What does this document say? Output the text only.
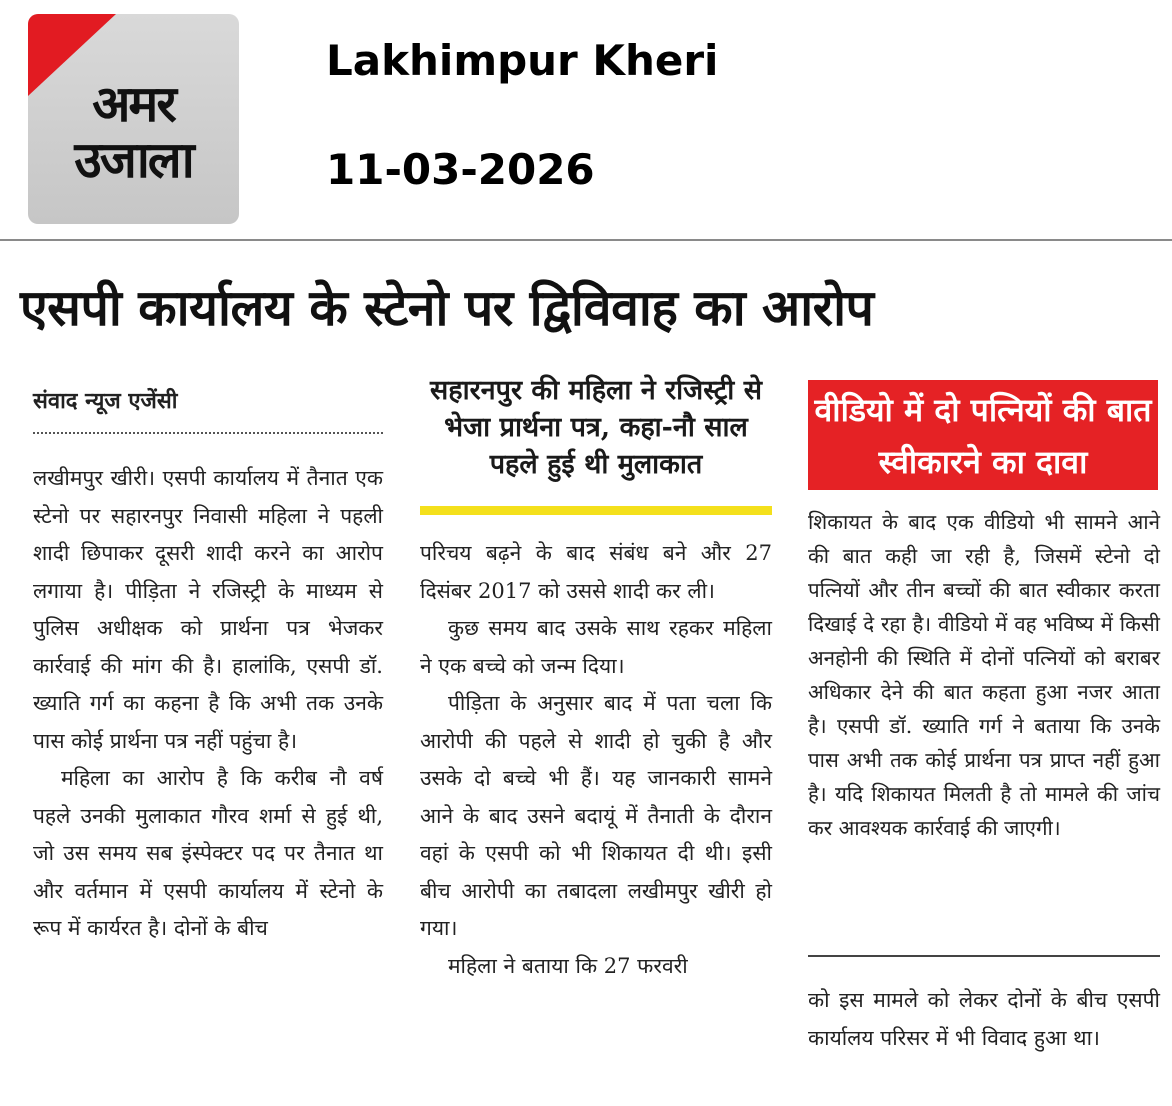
अमर
उजाला
Lakhimpur Kheri
11-03-2026
एसपी कार्यालय के स्टेनो पर द्विविवाह का आरोप
संवाद न्यूज एजेंसी

लखीमपुर खीरी। एसपी कार्यालय में तैनात एक स्टेनो पर सहारनपुर निवासी महिला ने पहली शादी छिपाकर दूसरी शादी करने का आरोप लगाया है। पीड़िता ने रजिस्ट्री के माध्यम से पुलिस अधीक्षक को प्रार्थना पत्र भेजकर कार्रवाई की मांग की है। हालांकि, एसपी डॉ. ख्याति गर्ग का कहना है कि अभी तक उनके पास कोई प्रार्थना पत्र नहीं पहुंचा है।

महिला का आरोप है कि करीब नौ वर्ष पहले उनकी मुलाकात गौरव शर्मा से हुई थी, जो उस समय सब इंस्पेक्टर पद पर तैनात था और वर्तमान में एसपी कार्यालय में स्टेनो के रूप में कार्यरत है। दोनों के बीच

सहारनपुर की महिला ने रजिस्ट्री से भेजा प्रार्थना पत्र, कहा-नौ साल पहले हुई थी मुलाकात

परिचय बढ़ने के बाद संबंध बने और 27 दिसंबर 2017 को उससे शादी कर ली।

कुछ समय बाद उसके साथ रहकर महिला ने एक बच्चे को जन्म दिया।

पीड़िता के अनुसार बाद में पता चला कि आरोपी की पहले से शादी हो चुकी है और उसके दो बच्चे भी हैं। यह जानकारी सामने आने के बाद उसने बदायूं में तैनाती के दौरान वहां के एसपी को भी शिकायत दी थी। इसी बीच आरोपी का तबादला लखीमपुर खीरी हो गया।

महिला ने बताया कि 27 फरवरी

वीडियो में दो पत्नियों की बात स्वीकारने का दावा

शिकायत के बाद एक वीडियो भी सामने आने की बात कही जा रही है, जिसमें स्टेनो दो पत्नियों और तीन बच्चों की बात स्वीकार करता दिखाई दे रहा है। वीडियो में वह भविष्य में किसी अनहोनी की स्थिति में दोनों पत्नियों को बराबर अधिकार देने की बात कहता हुआ नजर आता है। एसपी डॉ. ख्याति गर्ग ने बताया कि उनके पास अभी तक कोई प्रार्थना पत्र प्राप्त नहीं हुआ है। यदि शिकायत मिलती है तो मामले की जांच कर आवश्यक कार्रवाई की जाएगी।

को इस मामले को लेकर दोनों के बीच एसपी कार्यालय परिसर में भी विवाद हुआ था।
